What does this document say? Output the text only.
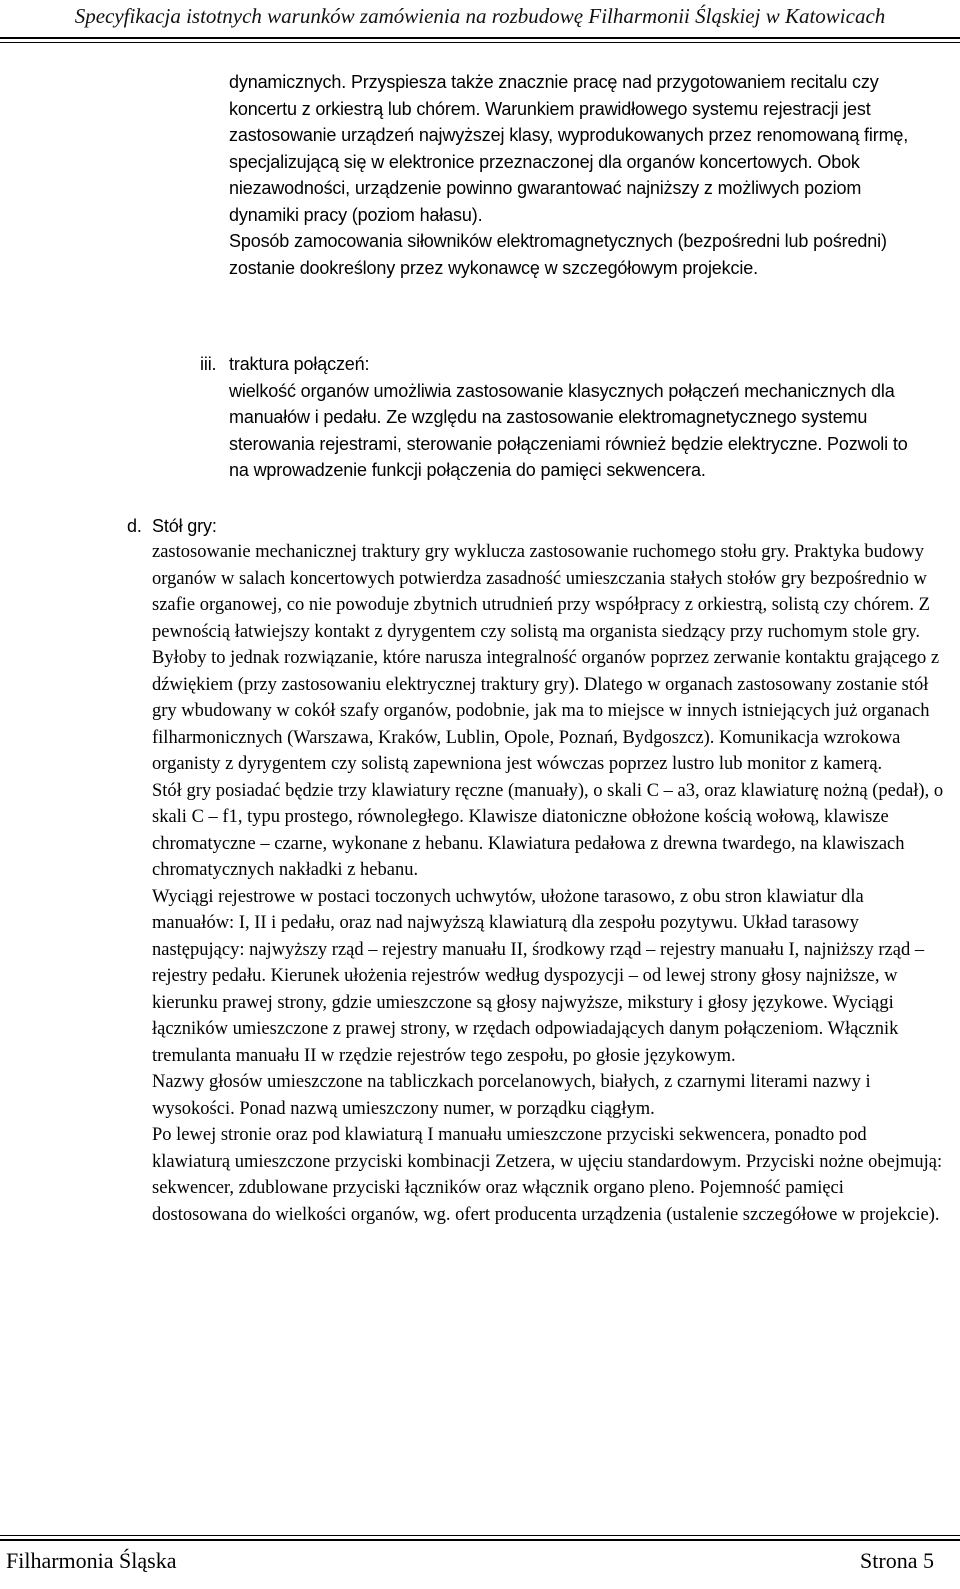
Specyfikacja istotnych warunków zamówienia na rozbudowę Filharmonii Śląskiej w Katowicach

dynamicznych. Przyspiesza także znacznie pracę nad przygotowaniem recitalu czy koncertu z orkiestrą lub chórem. Warunkiem prawidłowego systemu rejestracji jest zastosowanie urządzeń najwyższej klasy, wyprodukowanych przez renomowaną firmę, specjalizującą się w elektronice przeznaczonej dla organów koncertowych. Obok niezawodności, urządzenie powinno gwarantować najniższy z możliwych poziom dynamiki pracy (poziom hałasu).

Sposób zamocowania siłowników elektromagnetycznych (bezpośredni lub pośredni) zostanie dookreślony przez wykonawcę w szczegółowym projekcie.

iii. traktura połączeń:

wielkość organów umożliwia zastosowanie klasycznych połączeń mechanicznych dla manuałów i pedału. Ze względu na zastosowanie elektromagnetycznego systemu sterowania rejestrami, sterowanie połączeniami również będzie elektryczne. Pozwoli to na wprowadzenie funkcji połączenia do pamięci sekwencera.

d. Stół gry:

zastosowanie mechanicznej traktury gry wyklucza zastosowanie ruchomego stołu gry. Praktyka budowy organów w salach koncertowych potwierdza zasadność umieszczania stałych stołów gry bezpośrednio w szafie organowej, co nie powoduje zbytnich utrudnień przy współpracy z orkiestrą, solistą czy chórem. Z pewnością łatwiejszy kontakt z dyrygentem czy solistą ma organista siedzący przy ruchomym stole gry. Byłoby to jednak rozwiązanie, które narusza integralność organów poprzez zerwanie kontaktu grającego z dźwiękiem (przy zastosowaniu elektrycznej traktury gry). Dlatego w organach zastosowany zostanie stół gry wbudowany w cokół szafy organów, podobnie, jak ma to miejsce w innych istniejących już organach filharmonicznych (Warszawa, Kraków, Lublin, Opole, Poznań, Bydgoszcz). Komunikacja wzrokowa organisty z dyrygentem czy solistą zapewniona jest wówczas poprzez lustro lub monitor z kamerą.

Stół gry posiadać będzie trzy klawiatury ręczne (manuały), o skali C – a3, oraz klawiaturę nożną (pedał), o skali C – f1, typu prostego, równoległego. Klawisze diatoniczne obłożone kością wołową, klawisze chromatyczne – czarne, wykonane z hebanu. Klawiatura pedałowa z drewna twardego, na klawiszach chromatycznych nakładki z hebanu.

Wyciągi rejestrowe w postaci toczonych uchwytów, ułożone tarasowo, z obu stron klawiatur dla manuałów: I, II i pedału, oraz nad najwyższą klawiaturą dla zespołu pozytywu. Układ tarasowy następujący: najwyższy rząd – rejestry manuału II, środkowy rząd – rejestry manuału I, najniższy rząd – rejestry pedału. Kierunek ułożenia rejestrów według dyspozycji – od lewej strony głosy najniższe, w kierunku prawej strony, gdzie umieszczone są głosy najwyższe, mikstury i głosy językowe. Wyciągi łączników umieszczone z prawej strony, w rzędach odpowiadających danym połączeniom. Włącznik tremulanta manuału II w rzędzie rejestrów tego zespołu, po głosie językowym.

Nazwy głosów umieszczone na tabliczkach porcelanowych, białych, z czarnymi literami nazwy i wysokości. Ponad nazwą umieszczony numer, w porządku ciągłym.

Po lewej stronie oraz pod klawiaturą I manuału umieszczone przyciski sekwencera, ponadto pod klawiaturą umieszczone przyciski kombinacji Zetzera, w ujęciu standardowym. Przyciski nożne obejmują: sekwencer, zdublowane przyciski łączników oraz włącznik organo pleno. Pojemność pamięci dostosowana do wielkości organów, wg. ofert producenta urządzenia (ustalenie szczegółowe w projekcie).

Filharmonia Śląska	Strona 5
